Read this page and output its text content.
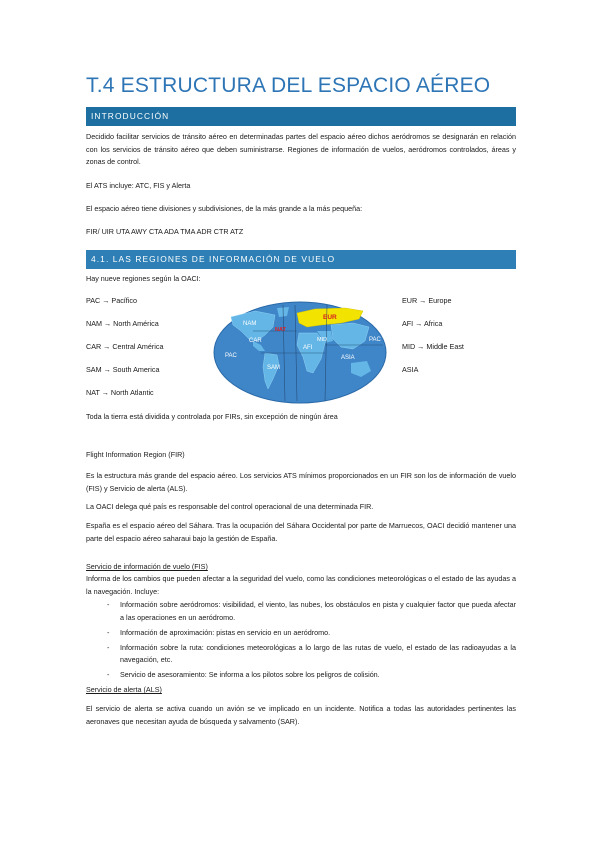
T.4 ESTRUCTURA DEL ESPACIO AÉREO
INTRODUCCIÓN
Decidido facilitar servicios de tránsito aéreo en determinadas partes del espacio aéreo dichos aeródromos se designarán en relación con los servicios de tránsito aéreo que deben suministrarse. Regiones de información de vuelos, aeródromos controlados, áreas y zonas de control.
El ATS incluye: ATC, FIS y Alerta
El espacio aéreo tiene divisiones y subdivisiones, de la más grande a la más pequeña:
FIR/ UIR UTA AWY CTA ADA TMA ADR CTR ATZ
4.1. LAS REGIONES DE INFORMACIÓN DE VUELO
Hay nueve regiones según la OACI:
PAC → Pacífico
NAM → North América
CAR → Central América
SAM → South America
NAT → North Atlantic
EUR → Europe
AFI → Africa
MID → Middle East
ASIA
NAM
NAT
EUR
CAR	MID
PAC
AFI
SAM
ASIA
PAC
Toda la tierra está dividida y controlada por FIRs, sin excepción de ningún área
Flight Information Region (FIR)
Es la estructura más grande del espacio aéreo. Los servicios ATS mínimos proporcionados en un FIR son los de información de vuelo (FIS) y Servicio de alerta (ALS).
La OACI delega qué país es responsable del control operacional de una determinada FIR.
España es el espacio aéreo del Sáhara. Tras la ocupación del Sáhara Occidental por parte de Marruecos, OACI decidió mantener una parte del espacio aéreo saharaui bajo la gestión de España.
Servicio de información de vuelo (FIS)
Informa de los cambios que pueden afectar a la seguridad del vuelo, como las condiciones meteorológicas o el estado de las ayudas a la navegación. Incluye:
- Información sobre aeródromos: visibilidad, el viento, las nubes, los obstáculos en pista y cualquier factor que pueda afectar a las operaciones en un aeródromo.
- Información de aproximación: pistas en servicio en un aeródromo.
- Información sobre la ruta: condiciones meteorológicas a lo largo de las rutas de vuelo, el estado de las radioayudas a la navegación, etc.
- Servicio de asesoramiento: Se informa a los pilotos sobre los peligros de colisión.
Servicio de alerta (ALS)
El servicio de alerta se activa cuando un avión se ve implicado en un incidente. Notifica a todas las autoridades pertinentes las aeronaves que necesitan ayuda de búsqueda y salvamento (SAR).
